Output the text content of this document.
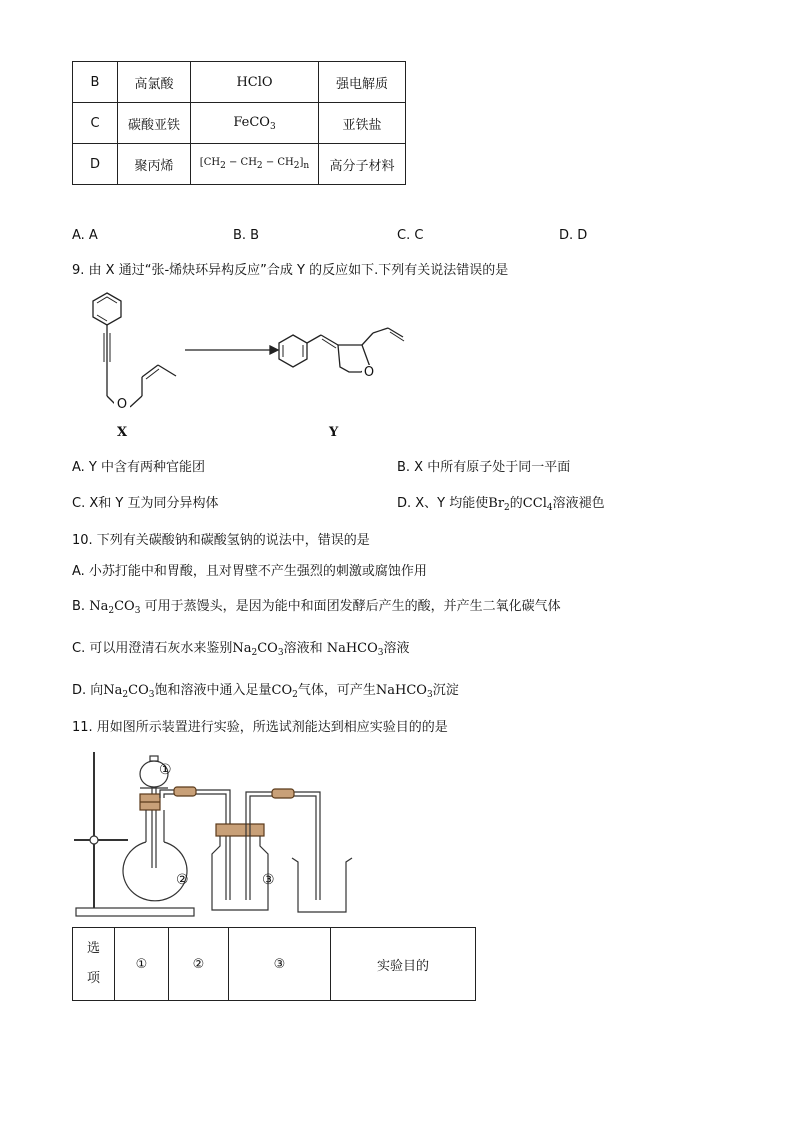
B	高氯酸	HClO	强电解质
C	碳酸亚铁	FeCO$_3$	亚铁盐
D	聚丙烯	$[CH_2 - CH_2 - CH_2]_n$	高分子材料
A. A	B. B	C. C	D. D
9. 由 X 通过“张-烯炔环异构反应”合成 Y 的反应如下.下列有关说法错误的是
O
O
X	Y
A. Y 中含有两种官能团	B. X 中所有原子处于同一平面
C. X和 Y 互为同分异构体	D. X、Y 均能使$Br_2$的CCl$_4$溶液褪色
10. 下列有关碳酸钠和碳酸氢钠的说法中，错误的是
A. 小苏打能中和胃酸，且对胃壁不产生强烈的刺激或腐蚀作用
B. $Na_2CO_3$ 可用于蒸馒头，是因为能中和面团发酵后产生的酸，并产生二氧化碳气体
C. 可以用澄清石灰水来鉴别$Na_2CO_3$溶液和 NaHCO$_3$溶液
D. 向$Na_2CO_3$饱和溶液中通入足量$CO_2$气体，可产生NaHCO$_3$沉淀
11. 用如图所示装置进行实验，所选试剂能达到相应实验目的的是
①
②	③
选
项	①	②	③	实验目的
